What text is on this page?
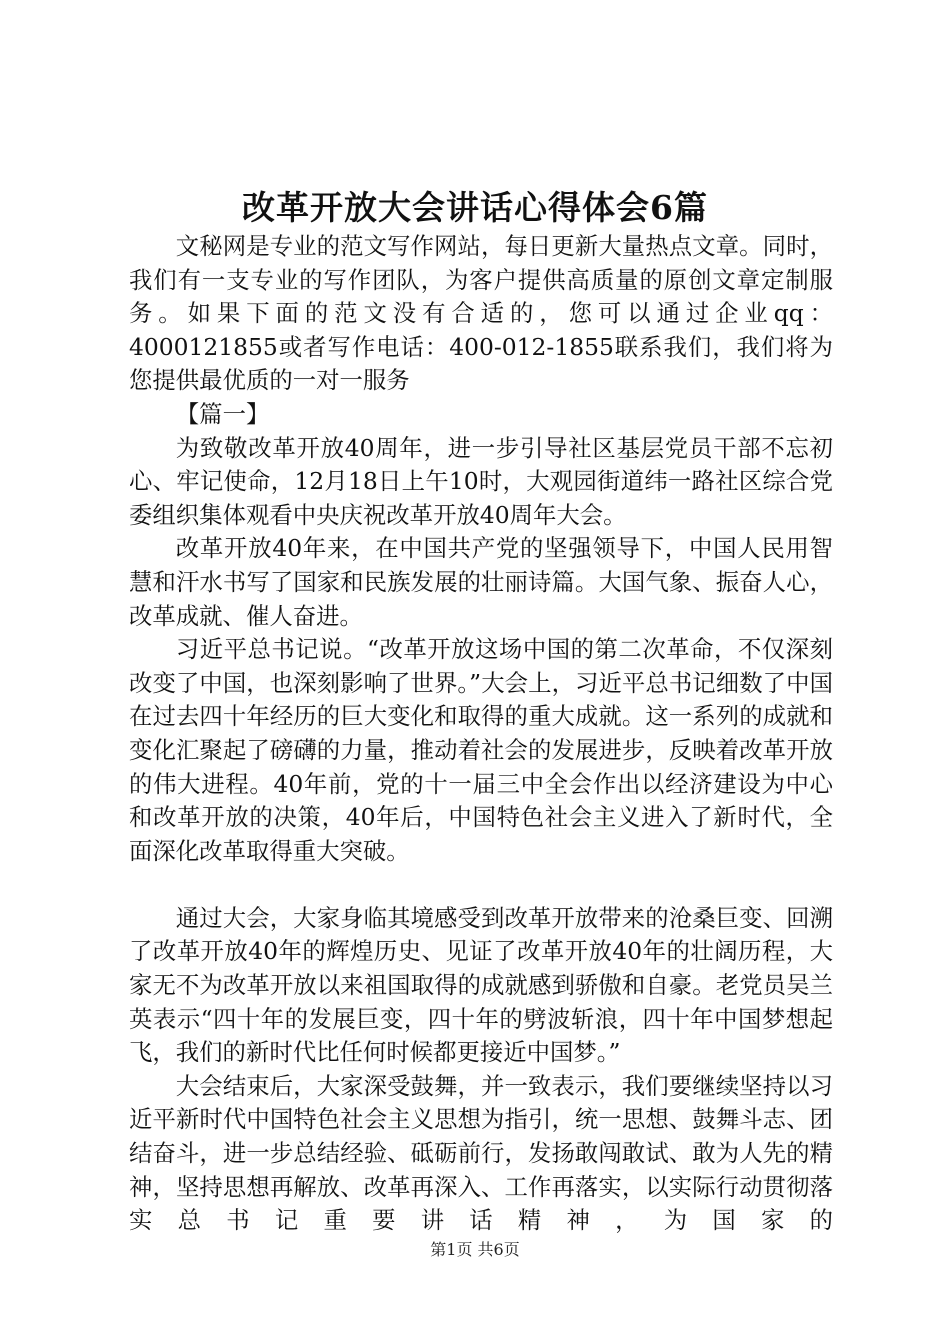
改革开放大会讲话心得体会6篇

文秘网是专业的范文写作网站，每日更新大量热点文章。同时，我们有一支专业的写作团队，为客户提供高质量的原创文章定制服务。如果下面的范文没有合适的，您可以通过企业qq：4000121855或者写作电话：400-012-1855联系我们，我们将为您提供最优质的一对一服务

【篇一】

为致敬改革开放40周年，进一步引导社区基层党员干部不忘初心、牢记使命，12月18日上午10时，大观园街道纬一路社区综合党委组织集体观看中央庆祝改革开放40周年大会。

改革开放40年来，在中国共产党的坚强领导下，中国人民用智慧和汗水书写了国家和民族发展的壮丽诗篇。大国气象、振奋人心，改革成就、催人奋进。

习近平总书记说。“改革开放这场中国的第二次革命，不仅深刻改变了中国，也深刻影响了世界。”大会上，习近平总书记细数了中国在过去四十年经历的巨大变化和取得的重大成就。这一系列的成就和变化汇聚起了磅礴的力量，推动着社会的发展进步，反映着改革开放的伟大进程。40年前，党的十一届三中全会作出以经济建设为中心和改革开放的决策，40年后，中国特色社会主义进入了新时代，全面深化改革取得重大突破。

通过大会，大家身临其境感受到改革开放带来的沧桑巨变、回溯了改革开放40年的辉煌历史、见证了改革开放40年的壮阔历程，大家无不为改革开放以来祖国取得的成就感到骄傲和自豪。老党员吴兰英表示“四十年的发展巨变，四十年的劈波斩浪，四十年中国梦想起飞，我们的新时代比任何时候都更接近中国梦。”

大会结束后，大家深受鼓舞，并一致表示，我们要继续坚持以习近平新时代中国特色社会主义思想为指引，统一思想、鼓舞斗志、团结奋斗，进一步总结经验、砥砺前行，发扬敢闯敢试、敢为人先的精神，坚持思想再解放、改革再深入、工作再落实，以实际行动贯彻落实总书记重要讲话精神，为国家的

第1页 共6页
